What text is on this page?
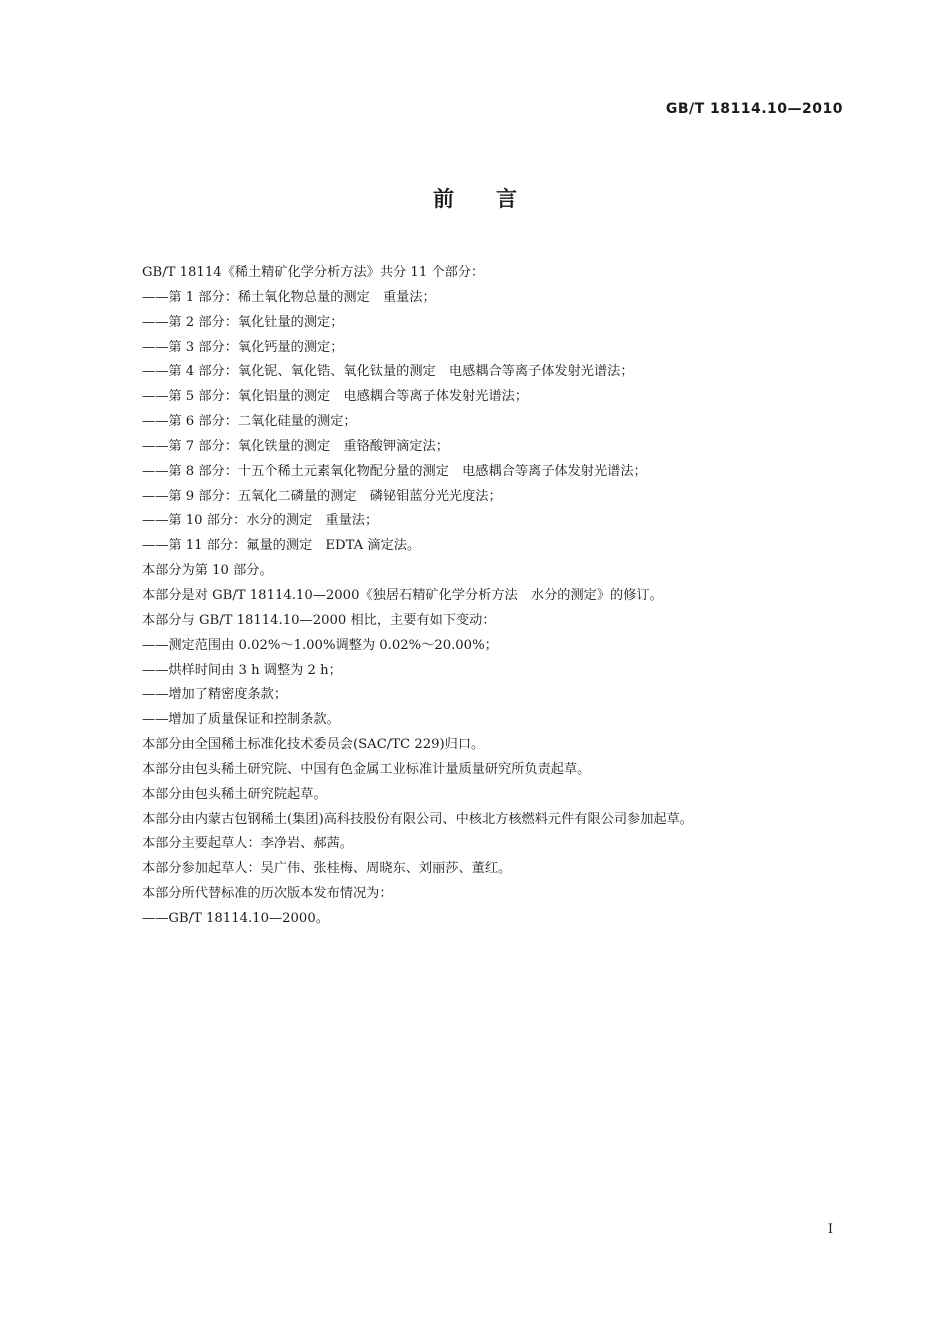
GB/T 18114.10—2010
前言
GB/T 18114《稀土精矿化学分析方法》共分 11 个部分：
——第 1 部分：稀土氧化物总量的测定　重量法；
——第 2 部分：氧化钍量的测定；
——第 3 部分：氧化钙量的测定；
——第 4 部分：氧化铌、氧化锆、氧化钛量的测定　电感耦合等离子体发射光谱法；
——第 5 部分：氧化铝量的测定　电感耦合等离子体发射光谱法；
——第 6 部分：二氧化硅量的测定；
——第 7 部分：氧化铁量的测定　重铬酸钾滴定法；
——第 8 部分：十五个稀土元素氧化物配分量的测定　电感耦合等离子体发射光谱法；
——第 9 部分：五氧化二磷量的测定　磷铋钼蓝分光光度法；
——第 10 部分：水分的测定　重量法；
——第 11 部分：氟量的测定　EDTA 滴定法。
本部分为第 10 部分。
本部分是对 GB/T 18114.10—2000《独居石精矿化学分析方法　水分的测定》的修订。
本部分与 GB/T 18114.10—2000 相比，主要有如下变动：
——测定范围由 0.02%～1.00%调整为 0.02%～20.00%；
——烘样时间由 3 h 调整为 2 h；
——增加了精密度条款；
——增加了质量保证和控制条款。
本部分由全国稀土标准化技术委员会(SAC/TC 229)归口。
本部分由包头稀土研究院、中国有色金属工业标准计量质量研究所负责起草。
本部分由包头稀土研究院起草。
本部分由内蒙古包钢稀土(集团)高科技股份有限公司、中核北方核燃料元件有限公司参加起草。
本部分主要起草人：李净岩、郝茜。
本部分参加起草人：吴广伟、张桂梅、周晓东、刘丽莎、董红。
本部分所代替标准的历次版本发布情况为：
——GB/T 18114.10—2000。
I
